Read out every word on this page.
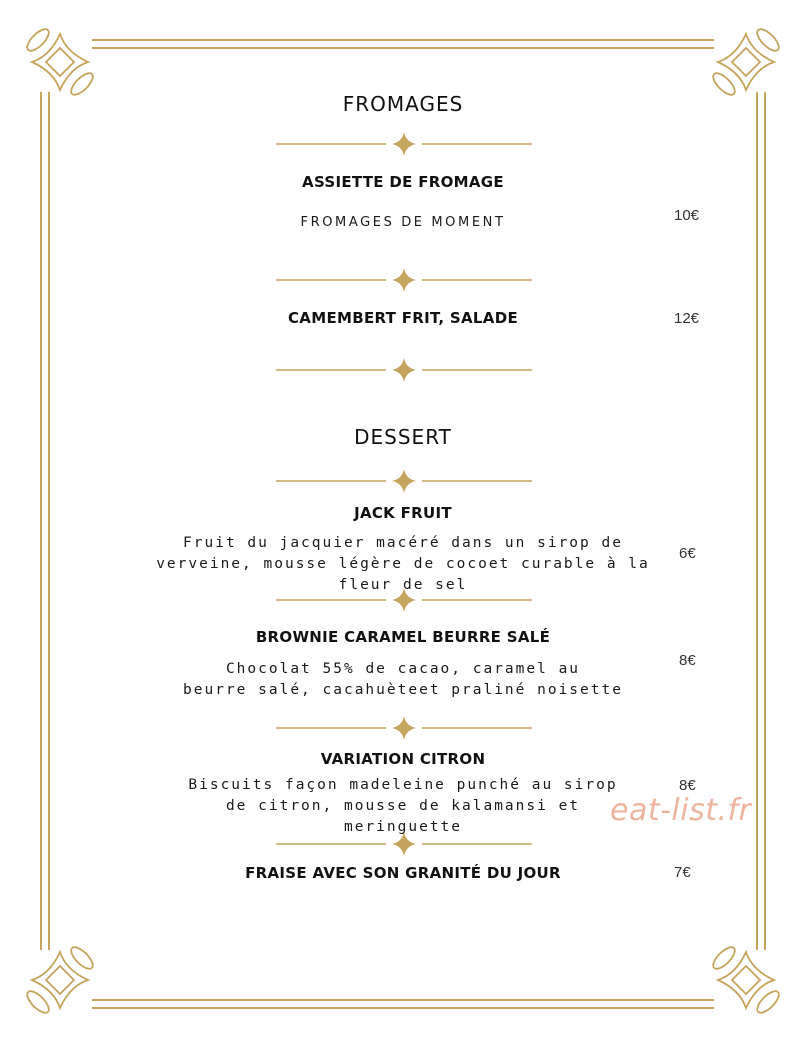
FROMAGES
ASSIETTE DE FROMAGE
FROMAGES DE MOMENT	10€
CAMEMBERT FRIT, SALADE	12€
DESSERT
JACK FRUIT
Fruit du jacquier macéré dans un sirop de
verveine, mousse légère de cocoet curable à la
fleur de sel
6€
BROWNIE CARAMEL BEURRE SALÉ
Chocolat 55% de cacao, caramel au
beurre salé, cacahuèteet praliné noisette
8€
VARIATION CITRON
Biscuits façon madeleine punché au sirop
de citron, mousse de kalamansi et
meringuette
8€
FRAISE AVEC SON GRANITÉ DU JOUR	7€
eat-list.fr
